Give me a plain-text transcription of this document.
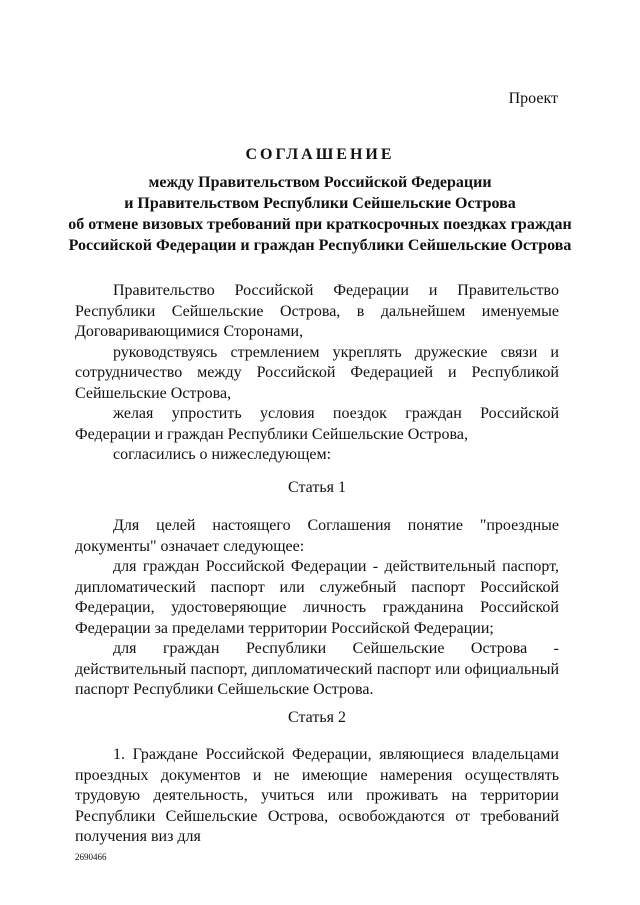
Проект
СОГЛАШЕНИЕ
между Правительством Российской Федерации
и Правительством Республики Сейшельские Острова
об отмене визовых требований при краткосрочных поездках граждан
Российской Федерации и граждан Республики Сейшельские Острова

Правительство Российской Федерации и Правительство Республики Сейшельские Острова, в дальнейшем именуемые Договаривающимися Сторонами,

руководствуясь стремлением укреплять дружеские связи и сотрудничество между Российской Федерацией и Республикой Сейшельские Острова,

желая упростить условия поездок граждан Российской Федерации и граждан Республики Сейшельские Острова,

согласились о нижеследующем:

Статья 1

Для целей настоящего Соглашения понятие "проездные документы" означает следующее:

для граждан Российской Федерации - действительный паспорт, дипломатический паспорт или служебный паспорт Российской Федерации, удостоверяющие личность гражданина Российской Федерации за пределами территории Российской Федерации;

для граждан Республики Сейшельские Острова - действительный паспорт, дипломатический паспорт или официальный паспорт Республики Сейшельские Острова.

Статья 2

1. Граждане Российской Федерации, являющиеся владельцами проездных документов и не имеющие намерения осуществлять трудовую деятельность, учиться или проживать на территории Республики Сейшельские Острова, освобождаются от требований получения виз для

2690466
